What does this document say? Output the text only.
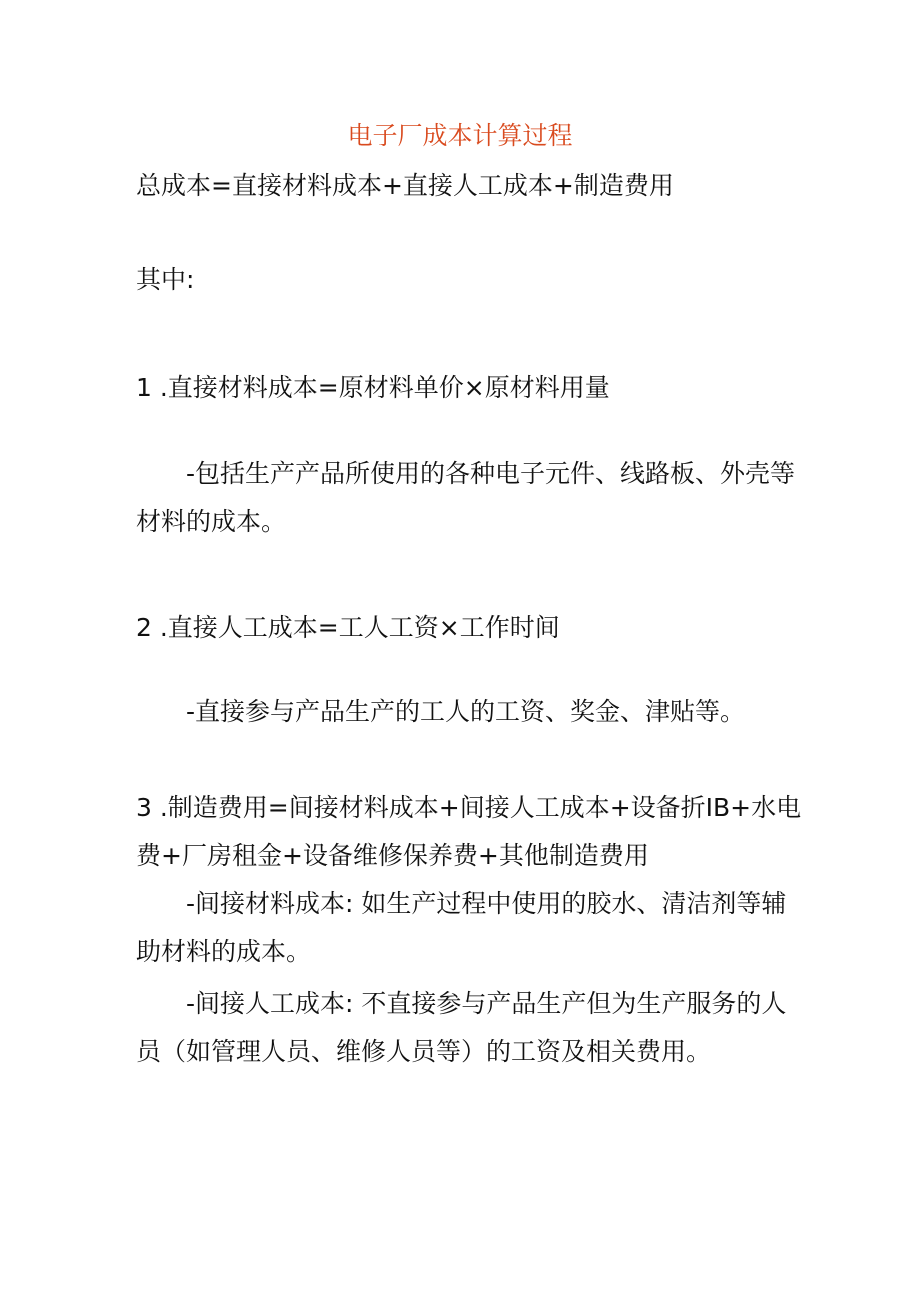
电子厂成本计算过程
总成本=直接材料成本+直接人工成本+制造费用
其中:
1 .直接材料成本=原材料单价×原材料用量
-包括生产产品所使用的各种电子元件、线路板、外壳等
材料的成本。
2 .直接人工成本=工人工资×工作时间
-直接参与产品生产的工人的工资、奖金、津贴等。
3 .制造费用=间接材料成本+间接人工成本+设备折IB+水电
费+厂房租金+设备维修保养费+其他制造费用
-间接材料成本: 如生产过程中使用的胶水、清洁剂等辅
助材料的成本。
-间接人工成本: 不直接参与产品生产但为生产服务的人
员（如管理人员、维修人员等）的工资及相关费用。
